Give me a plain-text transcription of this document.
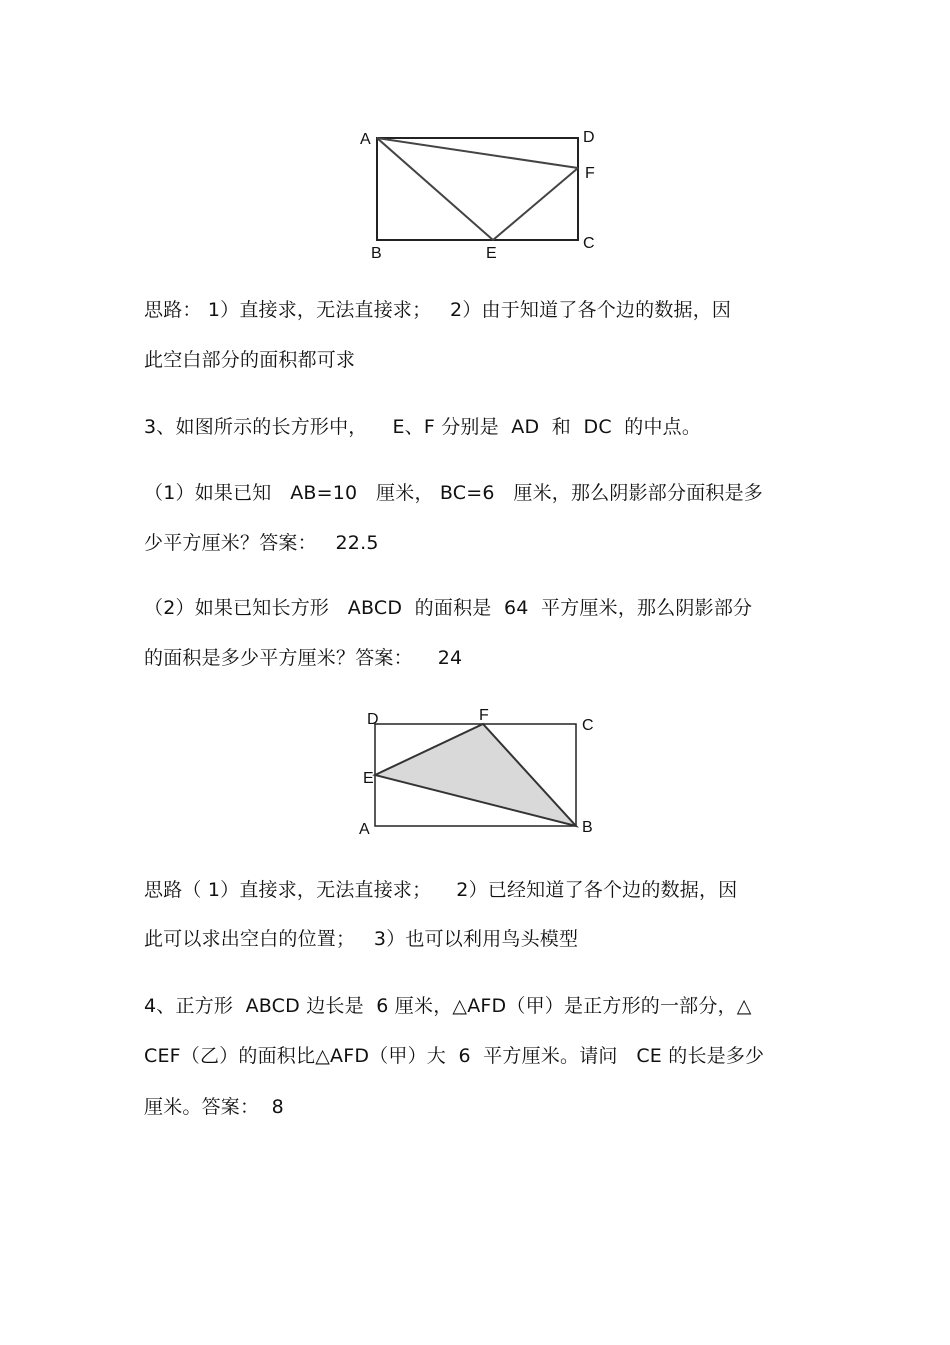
A	D
F
B	E
C
思路： 1）直接求，无法直接求；   2）由于知道了各个边的数据，因
此空白部分的面积都可求
3、如图所示的长方形中，    E、F 分别是  AD  和  DC  的中点。
（1）如果已知   AB=10   厘米， BC=6   厘米，那么阴影部分面积是多
少平方厘米？答案：   22.5
（2）如果已知长方形   ABCD  的面积是  64  平方厘米，那么阴影部分
的面积是多少平方厘米？答案：    24
D	F
C
E
A	B
思路（ 1）直接求，无法直接求；    2）已经知道了各个边的数据，因
此可以求出空白的位置；   3）也可以利用鸟头模型
4、正方形  ABCD 边长是  6 厘米，△AFD（甲）是正方形的一部分，△
CEF（乙）的面积比△AFD（甲）大  6  平方厘米。请问   CE 的长是多少
厘米。答案：  8
